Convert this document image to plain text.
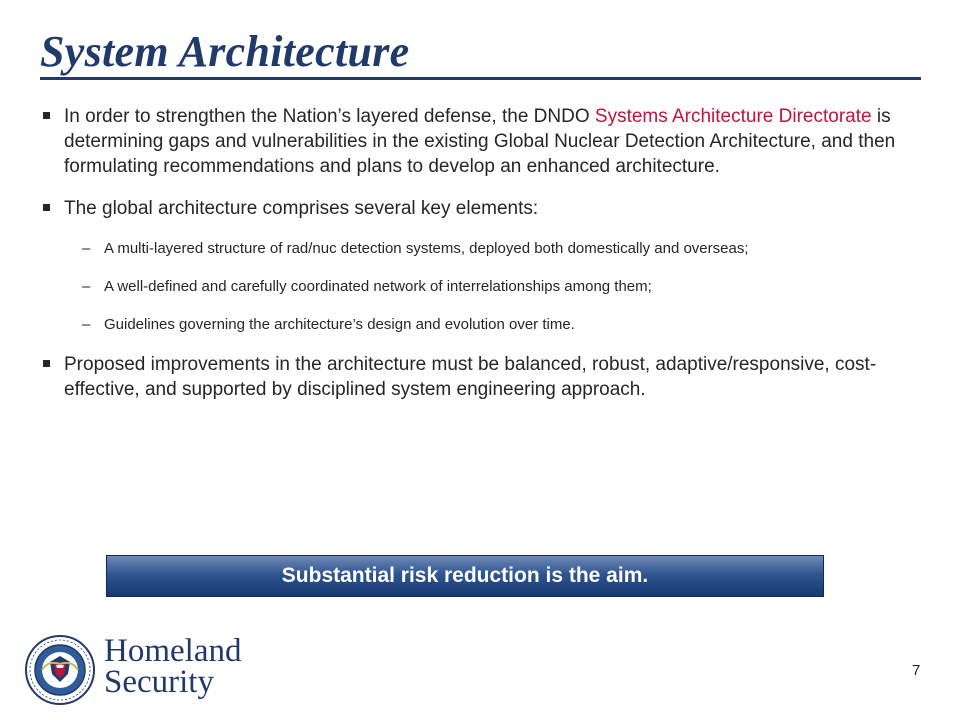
System Architecture
In order to strengthen the Nation’s layered defense, the DNDO Systems Architecture Directorate is determining gaps and vulnerabilities in the existing Global Nuclear Detection Architecture, and then formulating recommendations and plans to develop an enhanced architecture.
The global architecture comprises several key elements:
– A multi-layered structure of rad/nuc detection systems, deployed both domestically and overseas;
– A well-defined and carefully coordinated network of interrelationships among them;
– Guidelines governing the architecture’s design and evolution over time.
Proposed improvements in the architecture must be balanced, robust, adaptive/responsive, cost-effective, and supported by disciplined system engineering approach.
Substantial risk reduction is the aim.
Homeland
Security	7
